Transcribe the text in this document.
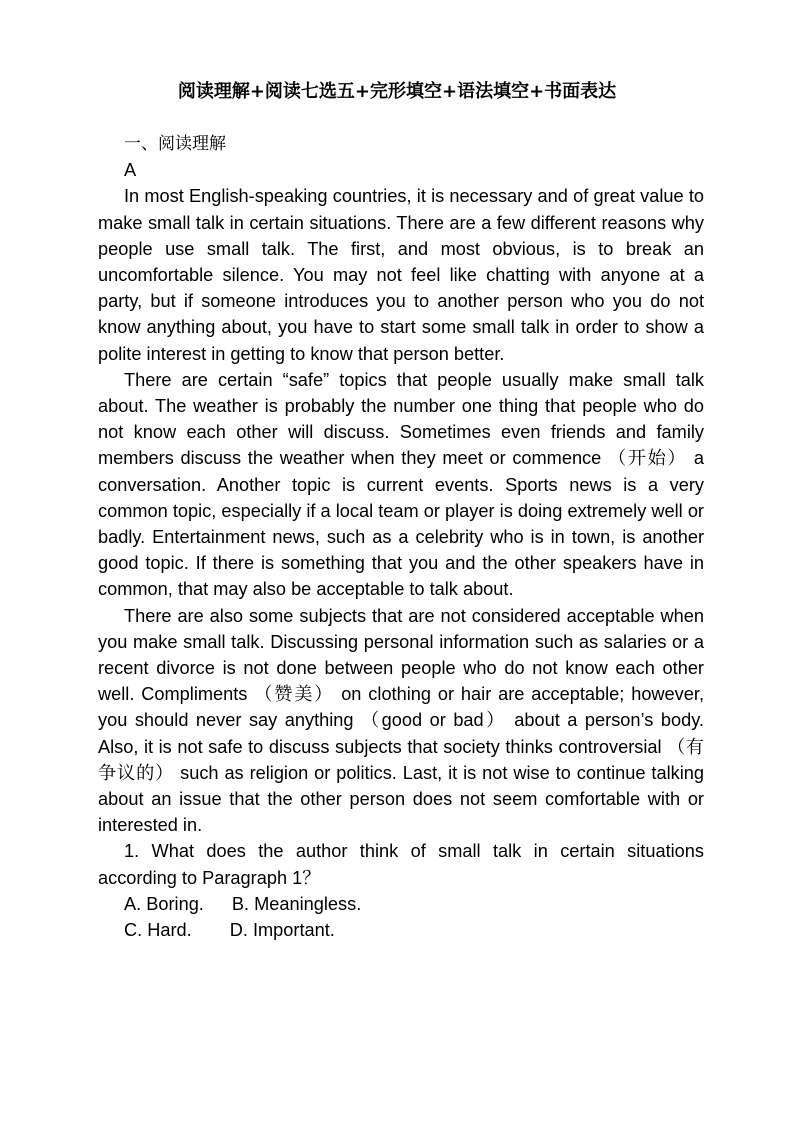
阅读理解+阅读七选五+完形填空+语法填空+书面表达

一、阅读理解

A

In most English-speaking countries, it is necessary and of great value to make small talk in certain situations. There are a few different reasons why people use small talk. The first, and most obvious, is to break an uncomfortable silence. You may not feel like chatting with anyone at a party, but if someone introduces you to another person who you do not know anything about, you have to start some small talk in order to show a polite interest in getting to know that person better.

There are certain “safe” topics that people usually make small talk about. The weather is probably the number one thing that people who do not know each other will discuss. Sometimes even friends and family members discuss the weather when they meet or commence （开始） a conversation. Another topic is current events. Sports news is a very common topic, especially if a local team or player is doing extremely well or badly. Entertainment news, such as a celebrity who is in town, is another good topic. If there is something that you and the other speakers have in common, that may also be acceptable to talk about.

There are also some subjects that are not considered acceptable when you make small talk. Discussing personal information such as salaries or a recent divorce is not done between people who do not know each other well. Compliments （赞美） on clothing or hair are acceptable; however, you should never say anything （good or bad） about a person’s body. Also, it is not safe to discuss subjects that society thinks controversial （有争议的） such as religion or politics. Last, it is not wise to continue talking about an issue that the other person does not seem comfortable with or interested in.

1. What does the author think of small talk in certain situations according to Paragraph 1？

A. Boring. B. Meaningless.

C. Hard. D. Important.
